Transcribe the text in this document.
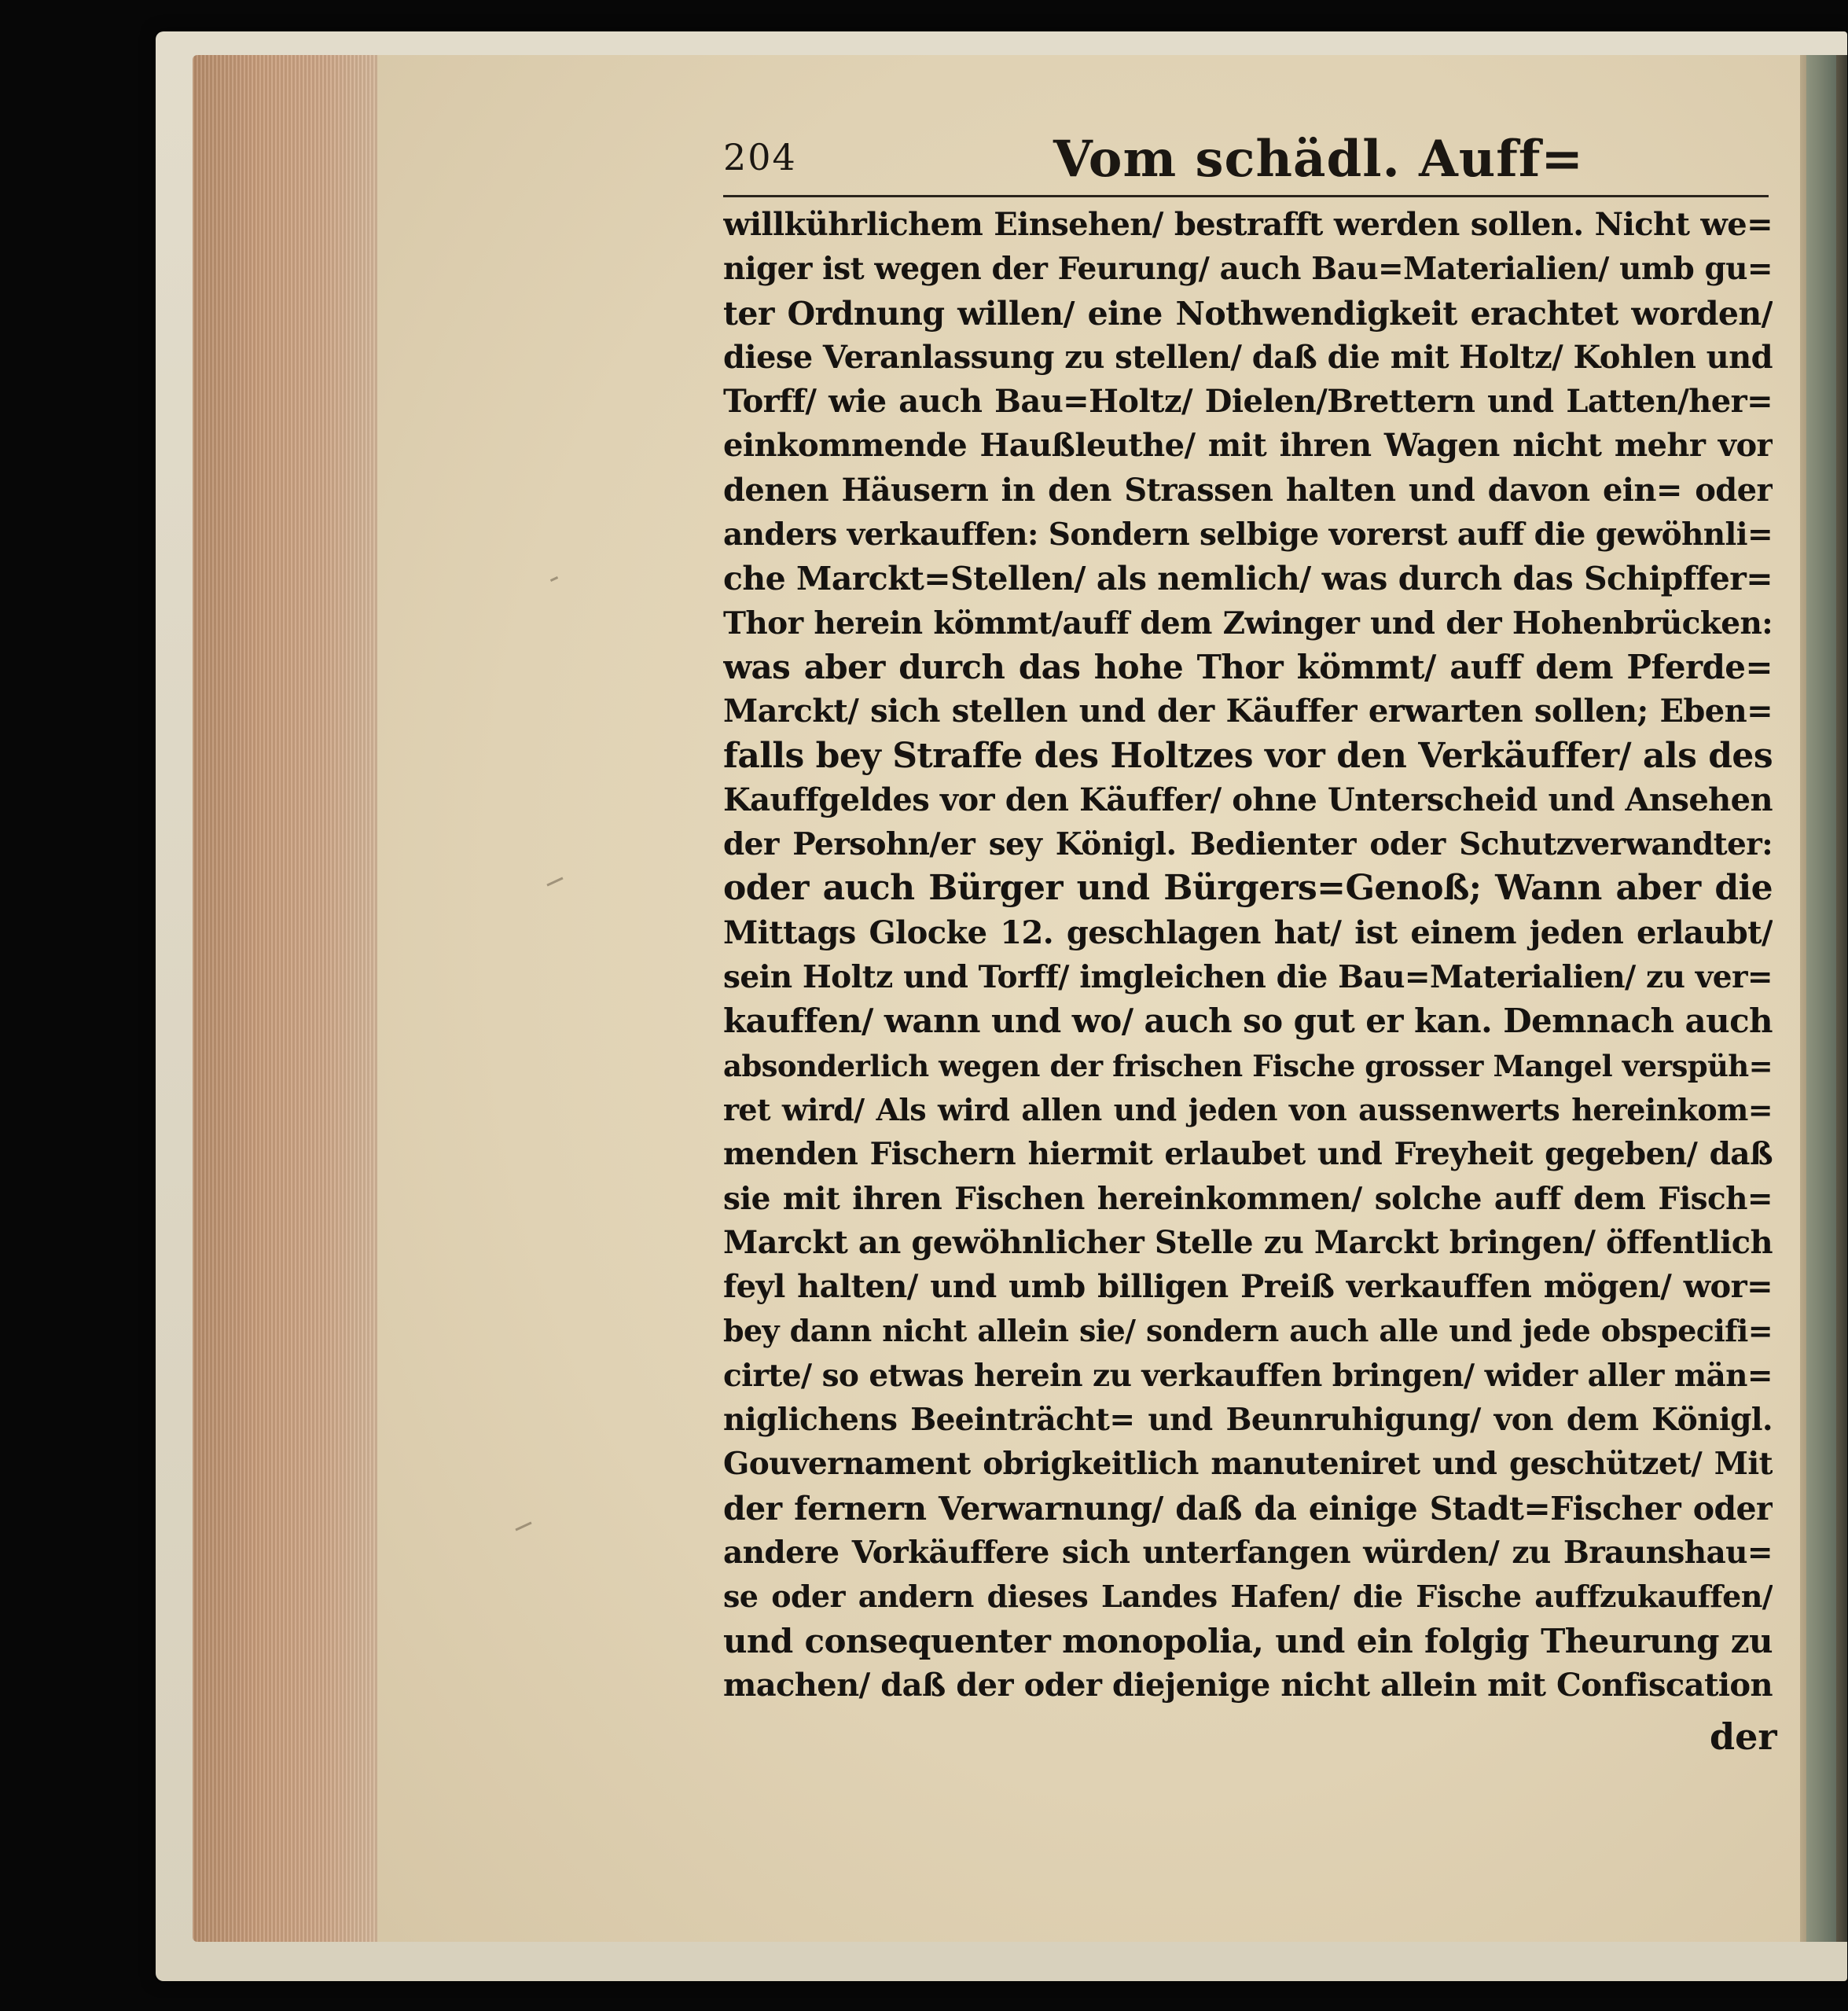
204	Vom schädl. Auff=
willkührlichem Einsehen/ bestrafft werden sollen. Nicht we=
niger ist wegen der Feurung/ auch Bau=Materialien/ umb gu=
ter Ordnung willen/ eine Nothwendigkeit erachtet worden/
diese Veranlassung zu stellen/ daß die mit Holtz/ Kohlen und
Torff/ wie auch Bau=Holtz/ Dielen/Brettern und Latten/her=
einkommende Haußleuthe/ mit ihren Wagen nicht mehr vor
denen Häusern in den Strassen halten und davon ein= oder
anders verkauffen: Sondern selbige vorerst auff die gewöhnli=
che Marckt=Stellen/ als nemlich/ was durch das Schipffer=
Thor herein kömmt/auff dem Zwinger und der Hohenbrücken:
was aber durch das hohe Thor kömmt/ auff dem Pferde=
Marckt/ sich stellen und der Käuffer erwarten sollen; Eben=
falls bey Straffe des Holtzes vor den Verkäuffer/ als des
Kauffgeldes vor den Käuffer/ ohne Unterscheid und Ansehen
der Persohn/er sey Königl. Bedienter oder Schutzverwandter:
oder auch Bürger und Bürgers=Genoß; Wann aber die
Mittags Glocke 12. geschlagen hat/ ist einem jeden erlaubt/
sein Holtz und Torff/ imgleichen die Bau=Materialien/ zu ver=
kauffen/ wann und wo/ auch so gut er kan. Demnach auch
absonderlich wegen der frischen Fische grosser Mangel verspüh=
ret wird/ Als wird allen und jeden von aussenwerts hereinkom=
menden Fischern hiermit erlaubet und Freyheit gegeben/ daß
sie mit ihren Fischen hereinkommen/ solche auff dem Fisch=
Marckt an gewöhnlicher Stelle zu Marckt bringen/ öffentlich
feyl halten/ und umb billigen Preiß verkauffen mögen/ wor=
bey dann nicht allein sie/ sondern auch alle und jede obspecifi=
cirte/ so etwas herein zu verkauffen bringen/ wider aller män=
niglichens Beeinträcht= und Beunruhigung/ von dem Königl.
Gouvernament obrigkeitlich manuteniret und geschützet/ Mit
der fernern Verwarnung/ daß da einige Stadt=Fischer oder
andere Vorkäuffere sich unterfangen würden/ zu Braunshau=
se oder andern dieses Landes Hafen/ die Fische auffzukauffen/
und consequenter monopolia, und ein folgig Theurung zu
machen/ daß der oder diejenige nicht allein mit Confiscation
der
